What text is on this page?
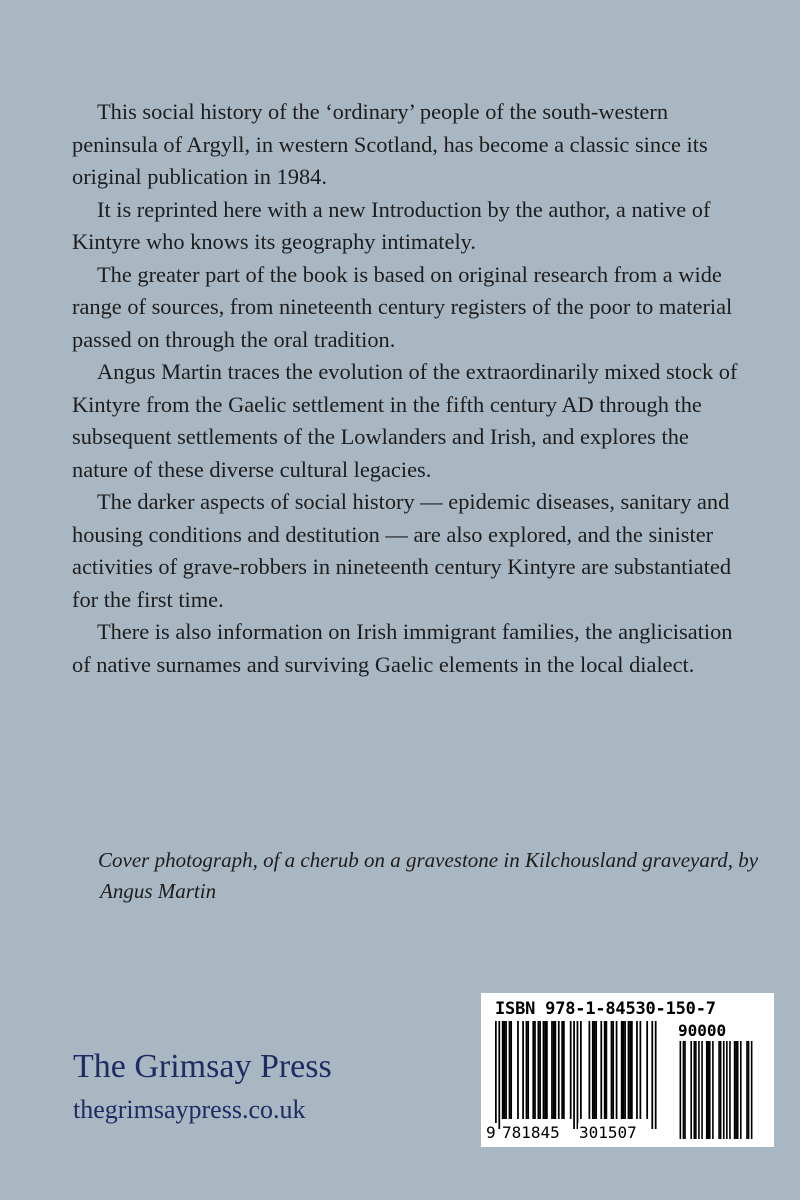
This social history of the ‘ordinary’ people of the south-western peninsula of Argyll, in western Scotland, has become a classic since its original publication in 1984.

It is reprinted here with a new Introduction by the author, a native of Kintyre who knows its geography intimately.

The greater part of the book is based on original research from a wide range of sources, from nineteenth century registers of the poor to material passed on through the oral tradition.

Angus Martin traces the evolution of the extraordinarily mixed stock of Kintyre from the Gaelic settlement in the fifth century AD through the subsequent settlements of the Lowlanders and Irish, and explores the nature of these diverse cultural legacies.

The darker aspects of social history — epidemic diseases, sanitary and housing conditions and destitution — are also explored, and the sinister activities of grave-robbers in nineteenth century Kintyre are substantiated for the first time.

There is also information on Irish immigrant families, the anglicisation of native surnames and surviving Gaelic elements in the local dialect.

Cover photograph, of a cherub on a gravestone in Kilchousland graveyard, by Angus Martin
The Grimsay Press
thegrimsaypress.co.uk
ISBN 978-1-84530-150-7
90000
9 781845 301507
